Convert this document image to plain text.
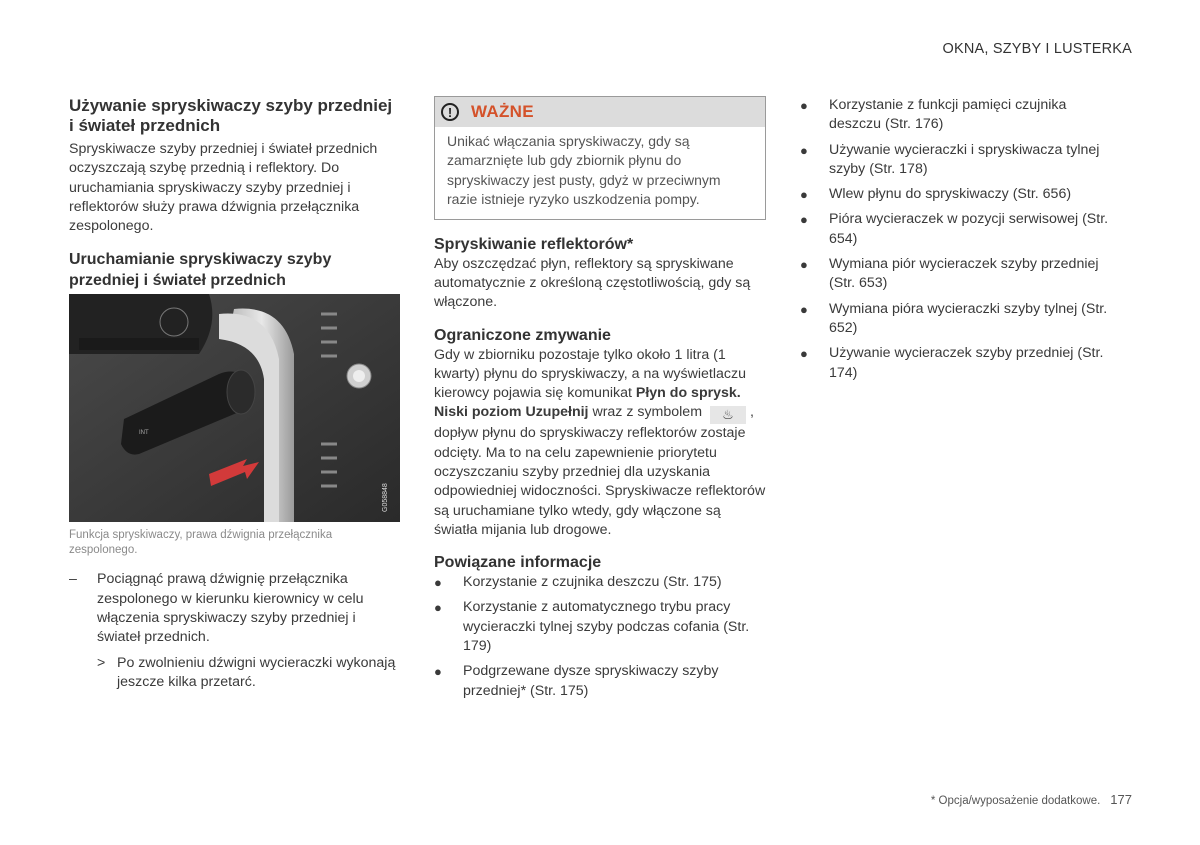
OKNA, SZYBY I LUSTERKA
Używanie spryskiwaczy szyby przedniej i świateł przednich

Spryskiwacze szyby przedniej i świateł przednich oczyszczają szybę przednią i reflektory. Do uruchamiania spryskiwaczy szyby przedniej i reflektorów służy prawa dźwignia przełącznika zespolonego.

Uruchamianie spryskiwaczy szyby przedniej i świateł przednich
INT
G058848
Funkcja spryskiwaczy, prawa dźwignia przełącznika zespolonego.
–	Pociągnąć prawą dźwignię przełącznika zespolonego w kierunku kierownicy w celu włączenia spryskiwaczy szyby przedniej i świateł przednich.
> Po zwolnieniu dźwigni wycieraczki wykonają jeszcze kilka przetarć.
!	WAŻNE
Unikać włączania spryskiwaczy, gdy są zamarznięte lub gdy zbiornik płynu do spryskiwaczy jest pusty, gdyż w przeciwnym razie istnieje ryzyko uszkodzenia pompy.
Spryskiwanie reflektorów*

Aby oszczędzać płyn, reflektory są spryskiwane automatycznie z określoną częstotliwością, gdy są włączone.

Ograniczone zmywanie

Gdy w zbiorniku pozostaje tylko około 1 litra (1 kwarty) płynu do spryskiwaczy, a na wyświetlaczu kierowcy pojawia się komunikat Płyn do sprysk. Niski poziom Uzupełnij wraz z symbolem ♨ , dopływ płynu do spryskiwaczy reflektorów zostaje odcięty. Ma to na celu zapewnienie priorytetu oczyszczaniu szyby przedniej dla uzyskania odpowiedniej widoczności. Spryskiwacze reflektorów są uruchamiane tylko wtedy, gdy włączone są światła mijania lub drogowe.

Powiązane informacje
●	Korzystanie z czujnika deszczu (Str. 175)
●	Korzystanie z automatycznego trybu pracy wycieraczki tylnej szyby podczas cofania (Str. 179)
●	Podgrzewane dysze spryskiwaczy szyby przedniej* (Str. 175)
●	Korzystanie z funkcji pamięci czujnika deszczu (Str. 176)
●	Używanie wycieraczki i spryskiwacza tylnej szyby (Str. 178)
●	Wlew płynu do spryskiwaczy (Str. 656)
●	Pióra wycieraczek w pozycji serwisowej (Str. 654)
●	Wymiana piór wycieraczek szyby przedniej (Str. 653)
●	Wymiana pióra wycieraczki szyby tylnej (Str. 652)
●	Używanie wycieraczek szyby przedniej (Str. 174)
* Opcja/wyposażenie dodatkowe. 177
